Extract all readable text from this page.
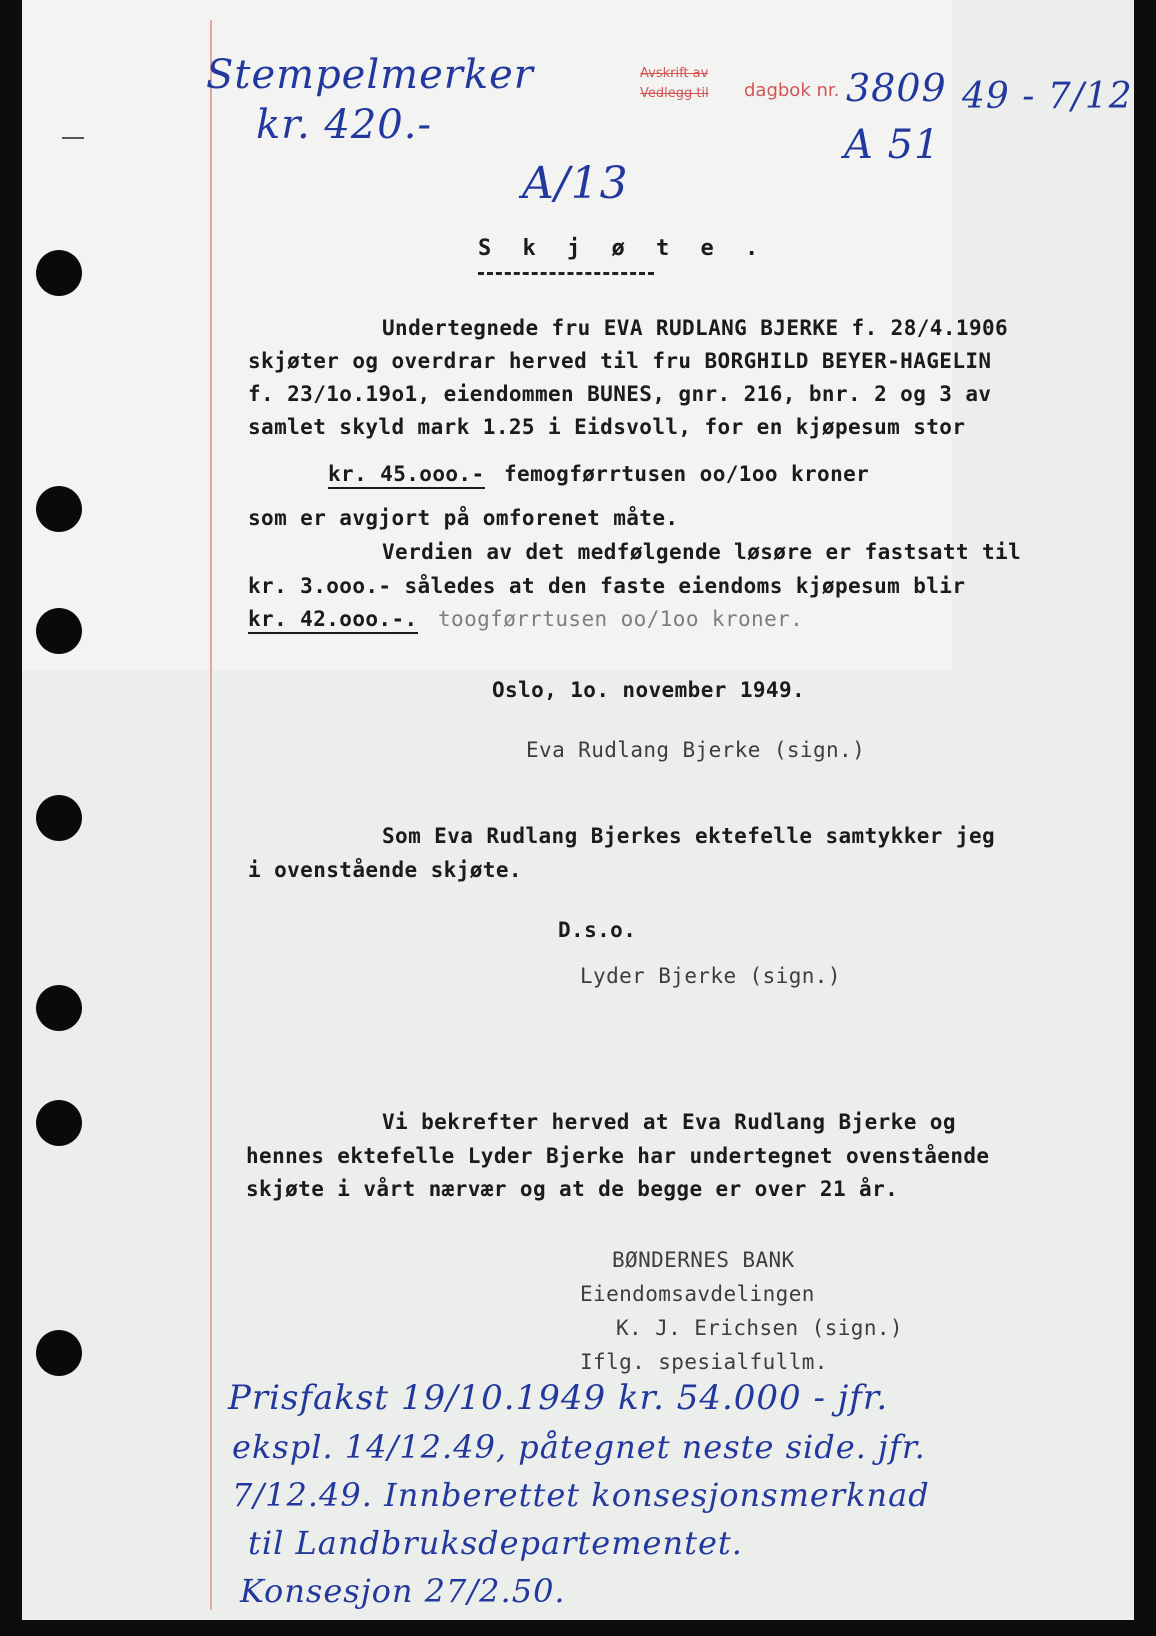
Stempelmerker
kr. 420.-
A/13
Avskrift av
Vedlegg til dagbok nr. 3809 49 - 7/12
A 51
S k j ø t e .
Undertegnede fru EVA RUDLANG BJERKE f. 28/4.1906
skjøter og overdrar herved til fru BORGHILD BEYER-HAGELIN
f. 23/1o.19o1, eiendommen BUNES, gnr. 216, bnr. 2 og 3 av
samlet skyld mark 1.25 i Eidsvoll, for en kjøpesum stor
kr. 45.ooo.- femogførrtusen oo/1oo kroner
som er avgjort på omforenet måte.
Verdien av det medfølgende løsøre er fastsatt til
kr. 3.ooo.- således at den faste eiendoms kjøpesum blir
kr. 42.ooo.-. toogførrtusen oo/1oo kroner.
Oslo, 1o. november 1949.
Eva Rudlang Bjerke (sign.)
Som Eva Rudlang Bjerkes ektefelle samtykker jeg
i ovenstående skjøte.
D.s.o.
Lyder Bjerke (sign.)
Vi bekrefter herved at Eva Rudlang Bjerke og
hennes ektefelle Lyder Bjerke har undertegnet ovenstående
skjøte i vårt nærvær og at de begge er over 21 år.
BØNDERNES BANK
Eiendomsavdelingen
K. J. Erichsen (sign.)
Iflg. spesialfullm.
Prisfakst 19/10.1949 kr. 54.000 - jfr.
ekspl. 14/12.49, påtegnet neste side. jfr.
7/12.49. Innberettet konsesjonsmerknad
til Landbruksdepartementet.
Konsesjon 27/2.50.
